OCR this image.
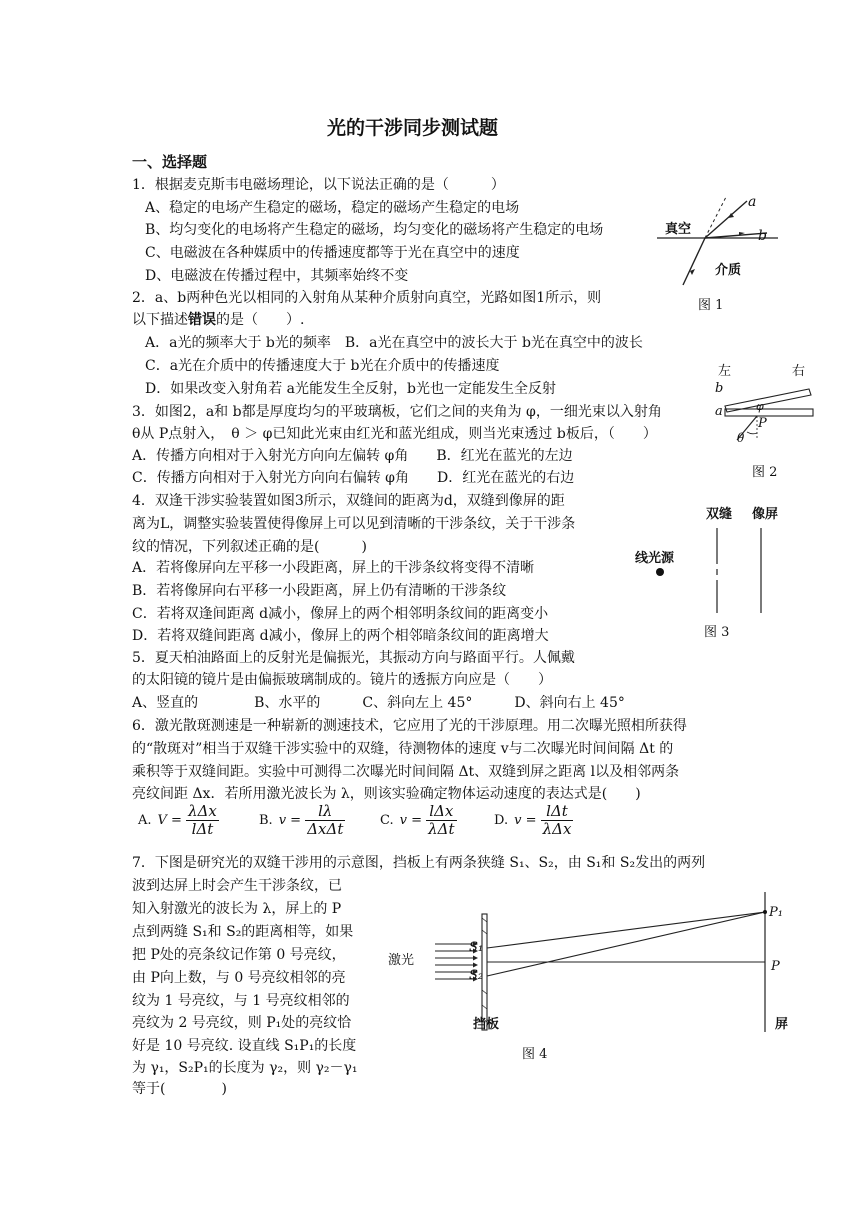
光的干涉同步测试题
一、选择题
1．根据麦克斯韦电磁场理论，以下说法正确的是（　　　）
A、稳定的电场产生稳定的磁场，稳定的磁场产生稳定的电场
B、均匀变化的电场将产生稳定的磁场，均匀变化的磁场将产生稳定的电场
C、电磁波在各种媒质中的传播速度都等于光在真空中的速度
D、电磁波在传播过程中，其频率始终不变
真空
介质
a
b
图 1
2．a、b两种色光以相同的入射角从某种介质射向真空，光路如图1所示，则
以下描述错误的是（　　）.
A．a光的频率大于 b光的频率　B．a光在真空中的波长大于 b光在真空中的波长
C．a光在介质中的传播速度大于 b光在介质中的传播速度
D．如果改变入射角若 a光能发生全反射，b光也一定能发生全反射
左	右
b
a	φ
P
θ
图 2
3．如图2，a和 b都是厚度均匀的平玻璃板，它们之间的夹角为 φ，一细光束以入射角
θ从 P点射入，　θ ＞ φ已知此光束由红光和蓝光组成，则当光束透过 b板后，（　　）
A．传播方向相对于入射光方向向左偏转 φ角　　B．红光在蓝光的左边
C．传播方向相对于入射光方向向右偏转 φ角　　D．红光在蓝光的右边
4．双逢干涉实验装置如图3所示，双缝间的距离为d，双缝到像屏的距
离为L，调整实验装置使得像屏上可以见到清晰的干涉条纹，关于干涉条
纹的情况，下列叙述正确的是(　　　)
A．若将像屏向左平移一小段距离，屏上的干涉条纹将变得不清晰
B．若将像屏向右平移一小段距离，屏上仍有清晰的干涉条纹
C．若将双逢间距离 d减小，像屏上的两个相邻明条纹间的距离变小
D．若将双缝间距离 d减小，像屏上的两个相邻暗条纹间的距离增大
双缝 像屏
线光源
图 3
5．夏天柏油路面上的反射光是偏振光，其振动方向与路面平行。人佩戴
的太阳镜的镜片是由偏振玻璃制成的。镜片的透振方向应是（　　）
A、竖直的　　　　B、水平的　　　C、斜向左上 45°　　　D、斜向右上 45°
6．激光散斑测速是一种崭新的测速技术，它应用了光的干涉原理。用二次曝光照相所获得
的“散斑对”相当于双缝干涉实验中的双缝，待测物体的速度 v与二次曝光时间间隔 Δt 的
乘积等于双缝间距。实验中可测得二次曝光时间间隔 Δt、双缝到屏之距离 l以及相邻两条
亮纹间距 Δx．若所用激光波长为 λ，则该实验确定物体运动速度的表达式是(　　)
A. $V = \frac{\text{λΔx}}{\text{lΔt}}$	B. $v = \frac{l\lambda}{\text{ΔxΔt}}$	C. $v = \frac{\text{lΔx}}{\text{λΔt}}$	D. $v = \frac{\text{lΔt}}{\text{λΔx}}$
7．下图是研究光的双缝干涉用的示意图，挡板上有两条狭缝 S₁、S₂，由 S₁和 S₂发出的两列
波到达屏上时会产生干涉条纹，已
知入射激光的波长为 λ，屏上的 P
点到两缝 S₁和 S₂的距离相等，如果
把 P处的亮条纹记作第 0 号亮纹，
由 P向上数，与 0 号亮纹相邻的亮
纹为 1 号亮纹，与 1 号亮纹相邻的
亮纹为 2 号亮纹，则 P₁处的亮纹恰
好是 10 号亮纹. 设直线 S₁P₁的长度
为 γ₁，S₂P₁的长度为 γ₂，则 γ₂－γ₁
等于(　　　　)
激光
S₁
S₂
P₁
P
挡板	屏
图 4
